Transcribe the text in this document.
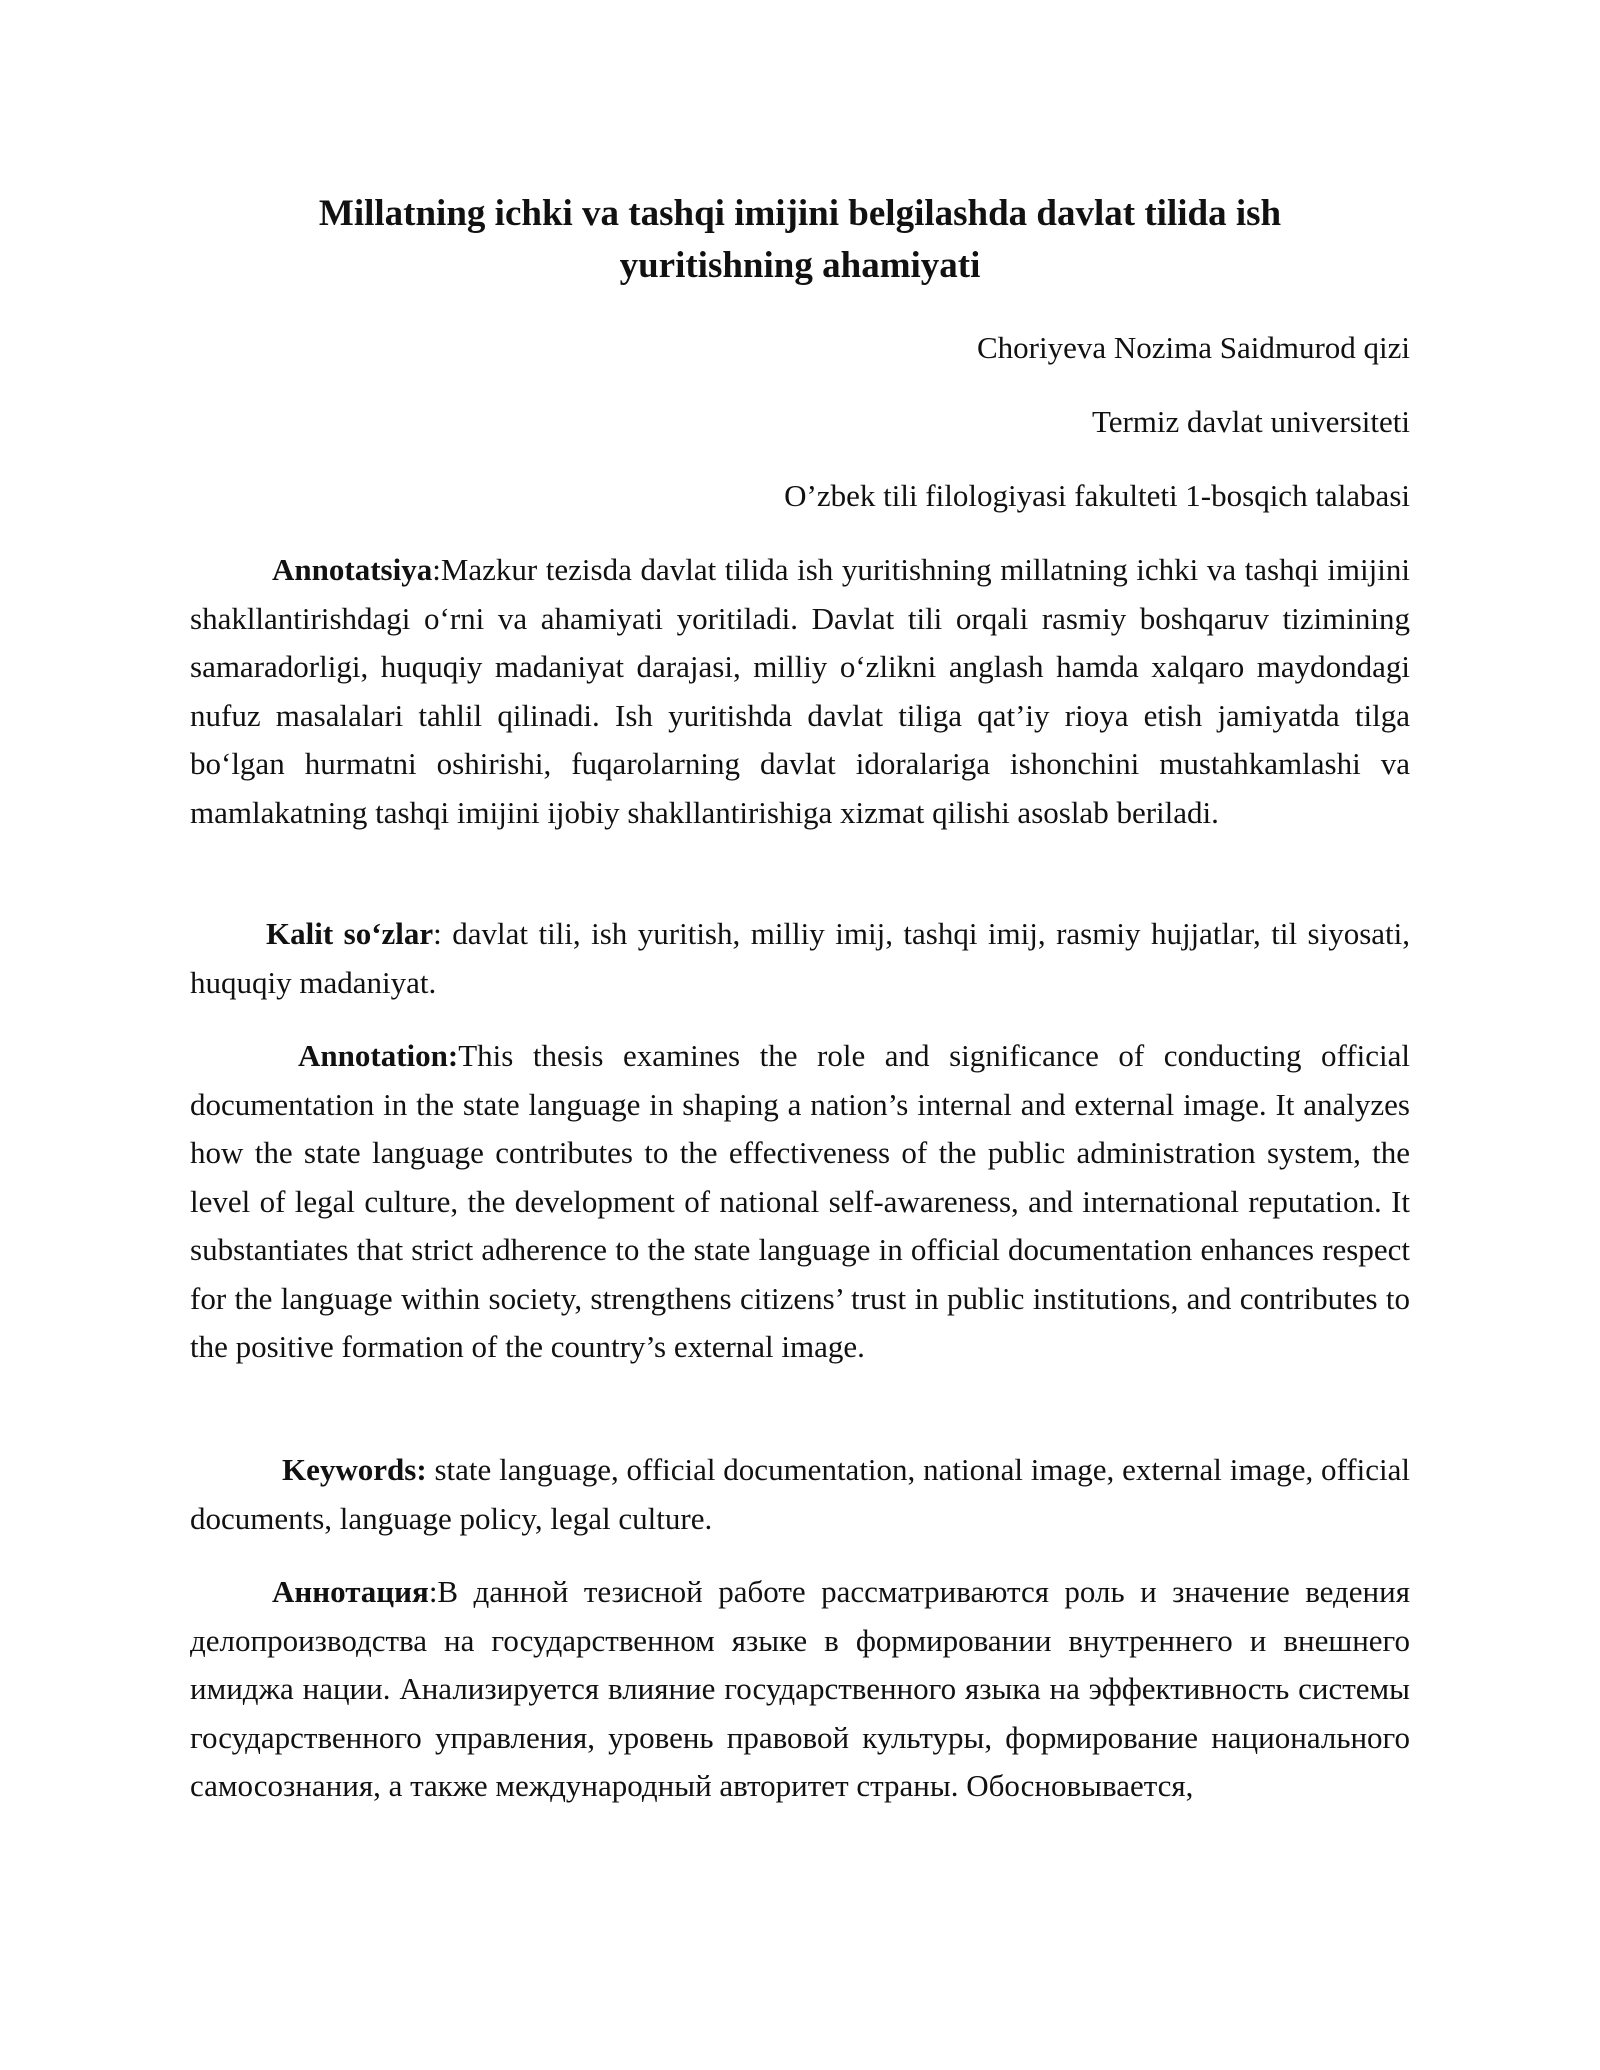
Millatning ichki va tashqi imijini belgilashda davlat tilida ish
yuritishning ahamiyati
Choriyeva Nozima Saidmurod qizi
Termiz davlat universiteti
O’zbek tili filologiyasi fakulteti 1-bosqich talabasi

Annotatsiya:Mazkur tezisda davlat tilida ish yuritishning millatning ichki va tashqi imijini shakllantirishdagi o‘rni va ahamiyati yoritiladi. Davlat tili orqali rasmiy boshqaruv tizimining samaradorligi, huquqiy madaniyat darajasi, milliy o‘zlikni anglash hamda xalqaro maydondagi nufuz masalalari tahlil qilinadi. Ish yuritishda davlat tiliga qat’iy rioya etish jamiyatda tilga bo‘lgan hurmatni oshirishi, fuqarolarning davlat idoralariga ishonchini mustahkamlashi va mamlakatning tashqi imijini ijobiy shakllantirishiga xizmat qilishi asoslab beriladi.

Kalit so‘zlar: davlat tili, ish yuritish, milliy imij, tashqi imij, rasmiy hujjatlar, til siyosati, huquqiy madaniyat.

Annotation:This thesis examines the role and significance of conducting official documentation in the state language in shaping a nation’s internal and external image. It analyzes how the state language contributes to the effectiveness of the public administration system, the level of legal culture, the development of national self-awareness, and international reputation. It substantiates that strict adherence to the state language in official documentation enhances respect for the language within society, strengthens citizens’ trust in public institutions, and contributes to the positive formation of the country’s external image.

Keywords: state language, official documentation, national image, external image, official documents, language policy, legal culture.

Аннотация:В данной тезисной работе рассматриваются роль и значение ведения делопроизводства на государственном языке в формировании внутреннего и внешнего имиджа нации. Анализируется влияние государственного языка на эффективность системы государственного управления, уровень правовой культуры, формирование национального самосознания, а также международный авторитет страны. Обосновывается,
